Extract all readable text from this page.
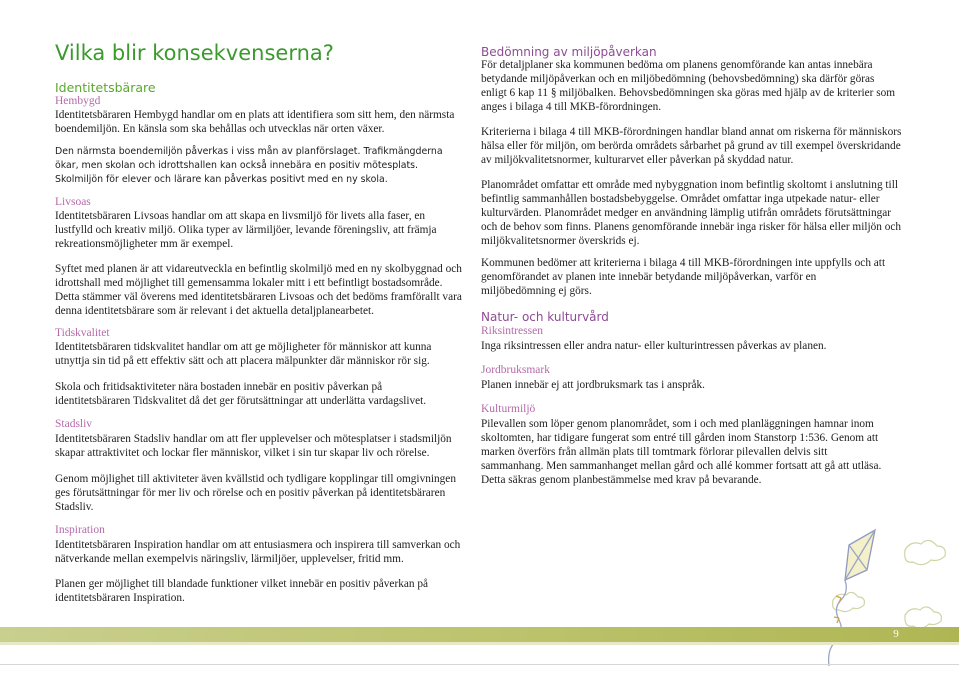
Vilka blir konsekvenserna?
Identitetsbärare
Hembygd

Identitetsbäraren Hembygd handlar om en plats att identifiera som sitt hem, den närmsta boendemiljön. En känsla som ska behållas och utvecklas när orten växer.

Den närmsta boendemiljön påverkas i viss mån av planförslaget. Trafikmängderna ökar, men skolan och idrottshallen kan också innebära en positiv mötesplats. Skolmiljön för elever och lärare kan påverkas positivt med en ny skola.

Livsoas

Identitetsbäraren Livsoas handlar om att skapa en livsmiljö för livets alla faser, en lustfylld och kreativ miljö. Olika typer av lärmiljöer, levande föreningsliv, att främja rekreationsmöjligheter mm är exempel.

Syftet med planen är att vidareutveckla en befintlig skolmiljö med en ny skolbyggnad och idrottshall med möjlighet till gemensamma lokaler mitt i ett befintligt bostadsområde. Detta stämmer väl överens med identitetsbäraren Livsoas och det bedöms framförallt vara denna identitetsbärare som är relevant i det aktuella detaljplanearbetet.

Tidskvalitet

Identitetsbäraren tidskvalitet handlar om att ge möjligheter för människor att kunna utnyttja sin tid på ett effektiv sätt och att placera mälpunkter där människor rör sig.

Skola och fritidsaktiviteter nära bostaden innebär en positiv påverkan på identitetsbäraren Tidskvalitet då det ger förutsättningar att underlätta vardagslivet.

Stadsliv

Identitetsbäraren Stadsliv handlar om att fler upplevelser och mötesplatser i stadsmiljön skapar attraktivitet och lockar fler människor, vilket i sin tur skapar liv och rörelse.

Genom möjlighet till aktiviteter även kvällstid och tydligare kopplingar till omgivningen ges förutsättningar för mer liv och rörelse och en positiv påverkan på identitetsbäraren Stadsliv.

Inspiration

Identitetsbäraren Inspiration handlar om att entusiasmera och inspirera till samverkan och nätverkande mellan exempelvis näringsliv, lärmiljöer, upplevelser, fritid mm.

Planen ger möjlighet till blandade funktioner vilket innebär en positiv påverkan på identitetsbäraren Inspiration.

Bedömning av miljöpåverkan

För detaljplaner ska kommunen bedöma om planens genomförande kan antas innebära betydande miljöpåverkan och en miljöbedömning (behovsbedömning) ska därför göras enligt 6 kap 11 § miljöbalken. Behovsbedömningen ska göras med hjälp av de kriterier som anges i bilaga 4 till MKB-förordningen.

Kriterierna i bilaga 4 till MKB-förordningen handlar bland annat om riskerna för människors hälsa eller för miljön, om berörda områdets sårbarhet på grund av till exempel överskridande av miljökvalitetsnormer, kulturarvet eller påverkan på skyddad natur.

Planområdet omfattar ett område med nybyggnation inom befintlig skoltomt i anslutning till befintlig sammanhållen bostadsbebyggelse. Området omfattar inga utpekade natur- eller kulturvärden. Planområdet medger en användning lämplig utifrån områdets förutsättningar och de behov som finns. Planens genomförande innebär inga risker för hälsa eller miljön och miljökvalitetsnormer överskrids ej.

Kommunen bedömer att kriterierna i bilaga 4 till MKB-förordningen inte uppfylls och att genomförandet av planen inte innebär betydande miljöpåverkan, varför en miljöbedömning ej görs.

Natur- och kulturvård
Riksintressen

Inga riksintressen eller andra natur- eller kulturintressen påverkas av planen.

Jordbruksmark

Planen innebär ej att jordbruksmark tas i anspråk.

Kulturmiljö

Pilevallen som löper genom planområdet, som i och med planläggningen hamnar inom skoltomten, har tidigare fungerat som entré till gården inom Stanstorp 1:536. Genom att marken överförs från allmän plats till tomtmark förlorar pilevallen delvis sitt sammanhang. Men sammanhanget mellan gård och allé kommer fortsatt att gå att utläsa. Detta säkras genom planbestämmelse med krav på bevarande.

9
